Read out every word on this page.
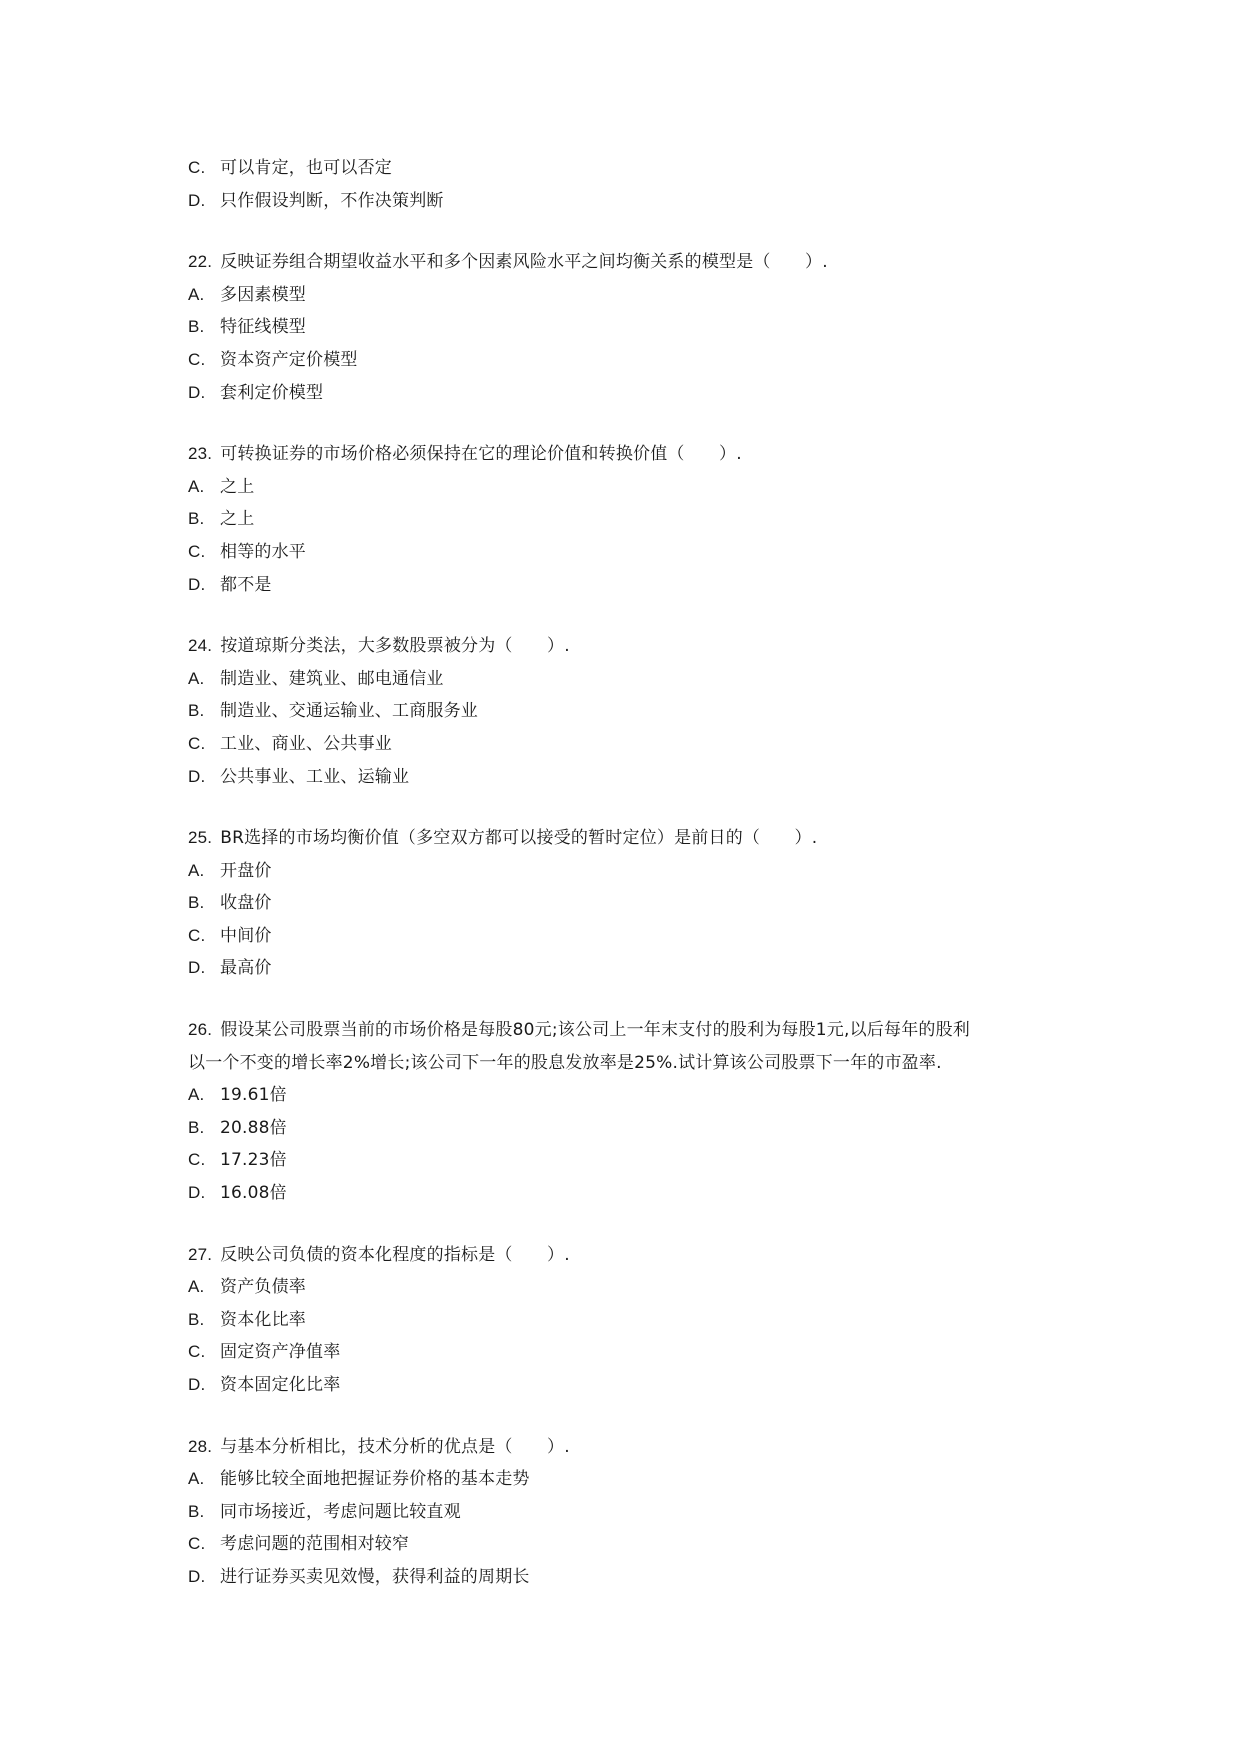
C. 可以肯定，也可以否定
D. 只作假设判断，不作决策判断
22. 反映证券组合期望收益水平和多个因素风险水平之间均衡关系的模型是（　　）.
A. 多因素模型
B. 特征线模型
C. 资本资产定价模型
D. 套利定价模型
23. 可转换证券的市场价格必须保持在它的理论价值和转换价值（　　）.
A. 之上
B. 之上
C. 相等的水平
D. 都不是
24. 按道琼斯分类法，大多数股票被分为（　　）.
A. 制造业、建筑业、邮电通信业
B. 制造业、交通运输业、工商服务业
C. 工业、商业、公共事业
D. 公共事业、工业、运输业
25. BR选择的市场均衡价值（多空双方都可以接受的暂时定位）是前日的（　　）.
A. 开盘价
B. 收盘价
C. 中间价
D. 最高价
26. 假设某公司股票当前的市场价格是每股80元;该公司上一年末支付的股利为每股1元,以后每年的股利
以一个不变的增长率2%增长;该公司下一年的股息发放率是25%.试计算该公司股票下一年的市盈率.
A. 19.61倍
B. 20.88倍
C. 17.23倍
D. 16.08倍
27. 反映公司负债的资本化程度的指标是（　　）.
A. 资产负债率
B. 资本化比率
C. 固定资产净值率
D. 资本固定化比率
28. 与基本分析相比，技术分析的优点是（　　）.
A. 能够比较全面地把握证券价格的基本走势
B. 同市场接近，考虑问题比较直观
C. 考虑问题的范围相对较窄
D. 进行证券买卖见效慢，获得利益的周期长
